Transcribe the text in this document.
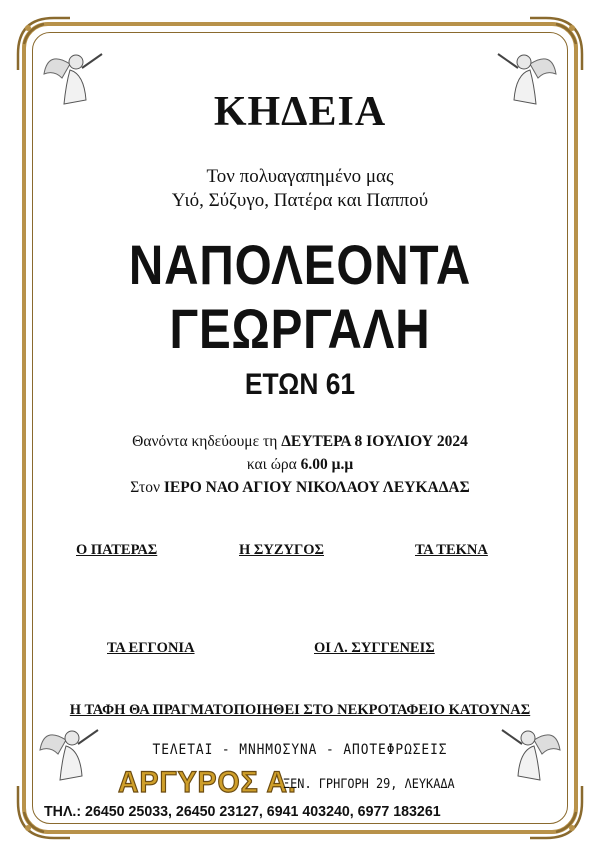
ΚΗΔΕΙΑ
Τον πολυαγαπημένο μας
Υιό, Σύζυγο, Πατέρα και Παππού
ΝΑΠΟΛΕΟΝΤΑ
ΓΕΩΡΓΑΛΗ
ΕΤΩΝ 61
Θανόντα κηδεύουμε τη ΔΕΥΤΕΡΑ 8 ΙΟΥΛΙΟΥ 2024
και ώρα 6.00 μ.μ
Στον ΙΕΡΟ ΝΑΟ ΑΓΙΟΥ ΝΙΚΟΛΑΟΥ ΛΕΥΚΑΔΑΣ
Ο ΠΑΤΕΡΑΣ	Η ΣΥΖΥΓΟΣ	ΤΑ ΤΕΚΝΑ
ΤΑ ΕΓΓΟΝΙΑ	ΟΙ Λ. ΣΥΓΓΕΝΕΙΣ
Η ΤΑΦΗ ΘΑ ΠΡΑΓΜΑΤΟΠΟΙΗΘΕΙ ΣΤΟ ΝΕΚΡΟΤΑΦΕΙΟ ΚΑΤΟΥΝΑΣ
ΤΕΛΕΤΑΙ - ΜΝΗΜΟΣΥΝΑ - ΑΠΟΤΕΦΡΩΣΕΙΣ
ΑΡΓΥΡΟΣ Α.
ΞΕΝ. ΓΡΗΓΟΡΗ 29, ΛΕΥΚΑΔΑ
ΤΗΛ.: 26450 25033, 26450 23127, 6941 403240, 6977 183261
